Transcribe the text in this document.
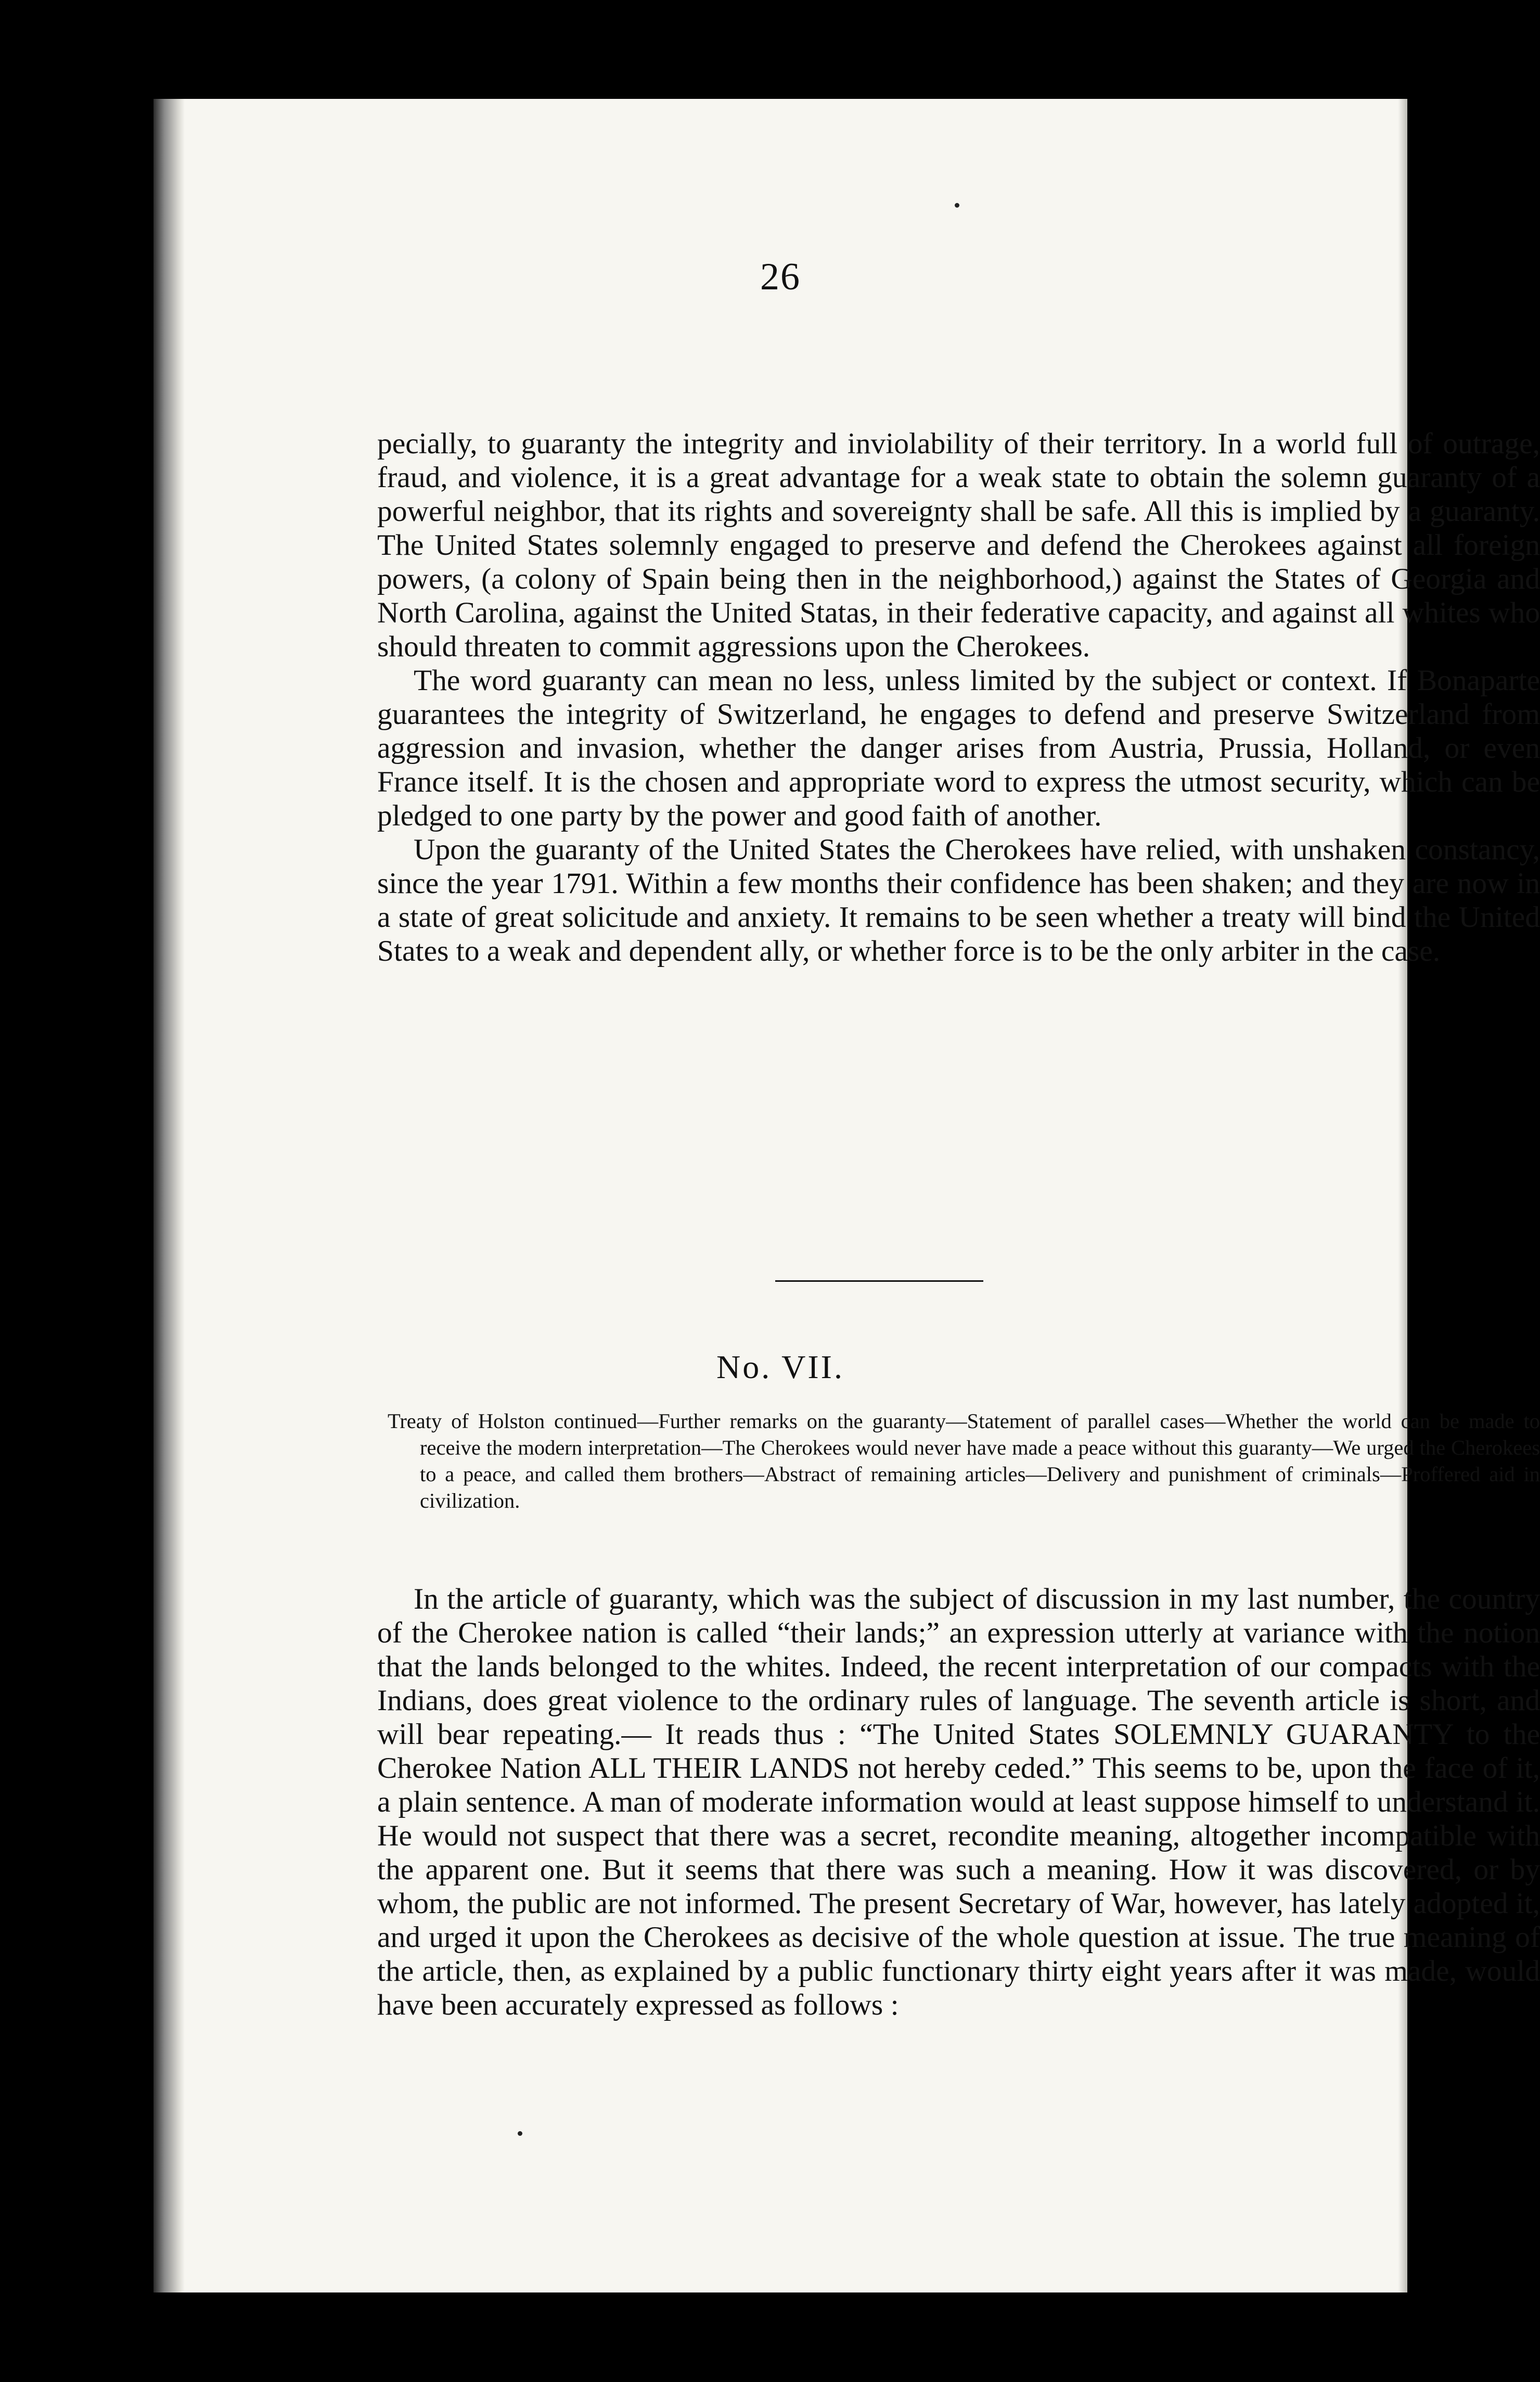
26

pecially, to guaranty the integrity and inviolability of their territory. In a world full of outrage, fraud, and violence, it is a great advantage for a weak state to obtain the solemn guaranty of a powerful neighbor, that its rights and sovereignty shall be safe. All this is implied by a guaranty. The United States solemnly engaged to preserve and defend the Cherokees against all foreign powers, (a colony of Spain being then in the neighborhood,) against the States of Georgia and North Carolina, against the United Statas, in their federative capacity, and against all whites who should threaten to commit aggressions upon the Cherokees.

The word guaranty can mean no less, unless limited by the subject or context. If Bonaparte guarantees the integrity of Switzerland, he engages to defend and preserve Switzerland from aggression and invasion, whether the danger arises from Austria, Prussia, Holland, or even France itself. It is the chosen and appropriate word to express the utmost security, which can be pledged to one party by the power and good faith of another.

Upon the guaranty of the United States the Cherokees have relied, with unshaken constancy, since the year 1791. Within a few months their confidence has been shaken; and they are now in a state of great solicitude and anxiety. It remains to be seen whether a treaty will bind the United States to a weak and dependent ally, or whether force is to be the only arbiter in the case.

No. VII.
Treaty of Holston continued—Further remarks on the guaranty—Statement of parallel cases—Whether the world can be made to receive the modern interpretation—The Cherokees would never have made a peace without this guaranty—We urged the Cherokees to a peace, and called them brothers—Abstract of remaining articles—Delivery and punishment of criminals—Proffered aid in civilization.

In the article of guaranty, which was the subject of discussion in my last number, the country of the Cherokee nation is called “their lands;” an expression utterly at variance with the notion that the lands belonged to the whites. Indeed, the recent interpretation of our compacts with the Indians, does great violence to the ordinary rules of language. The seventh article is short, and will bear repeating.— It reads thus : “The United States SOLEMNLY GUARANTY to the Cherokee Nation ALL THEIR LANDS not hereby ceded.” This seems to be, upon the face of it, a plain sentence. A man of moderate information would at least suppose himself to understand it. He would not suspect that there was a secret, recondite meaning, altogether incompatible with the apparent one. But it seems that there was such a meaning. How it was discovered, or by whom, the public are not informed. The present Secretary of War, however, has lately adopted it, and urged it upon the Cherokees as decisive of the whole question at issue. The true meaning of the article, then, as explained by a public functionary thirty eight years after it was made, would have been accurately expressed as follows :
